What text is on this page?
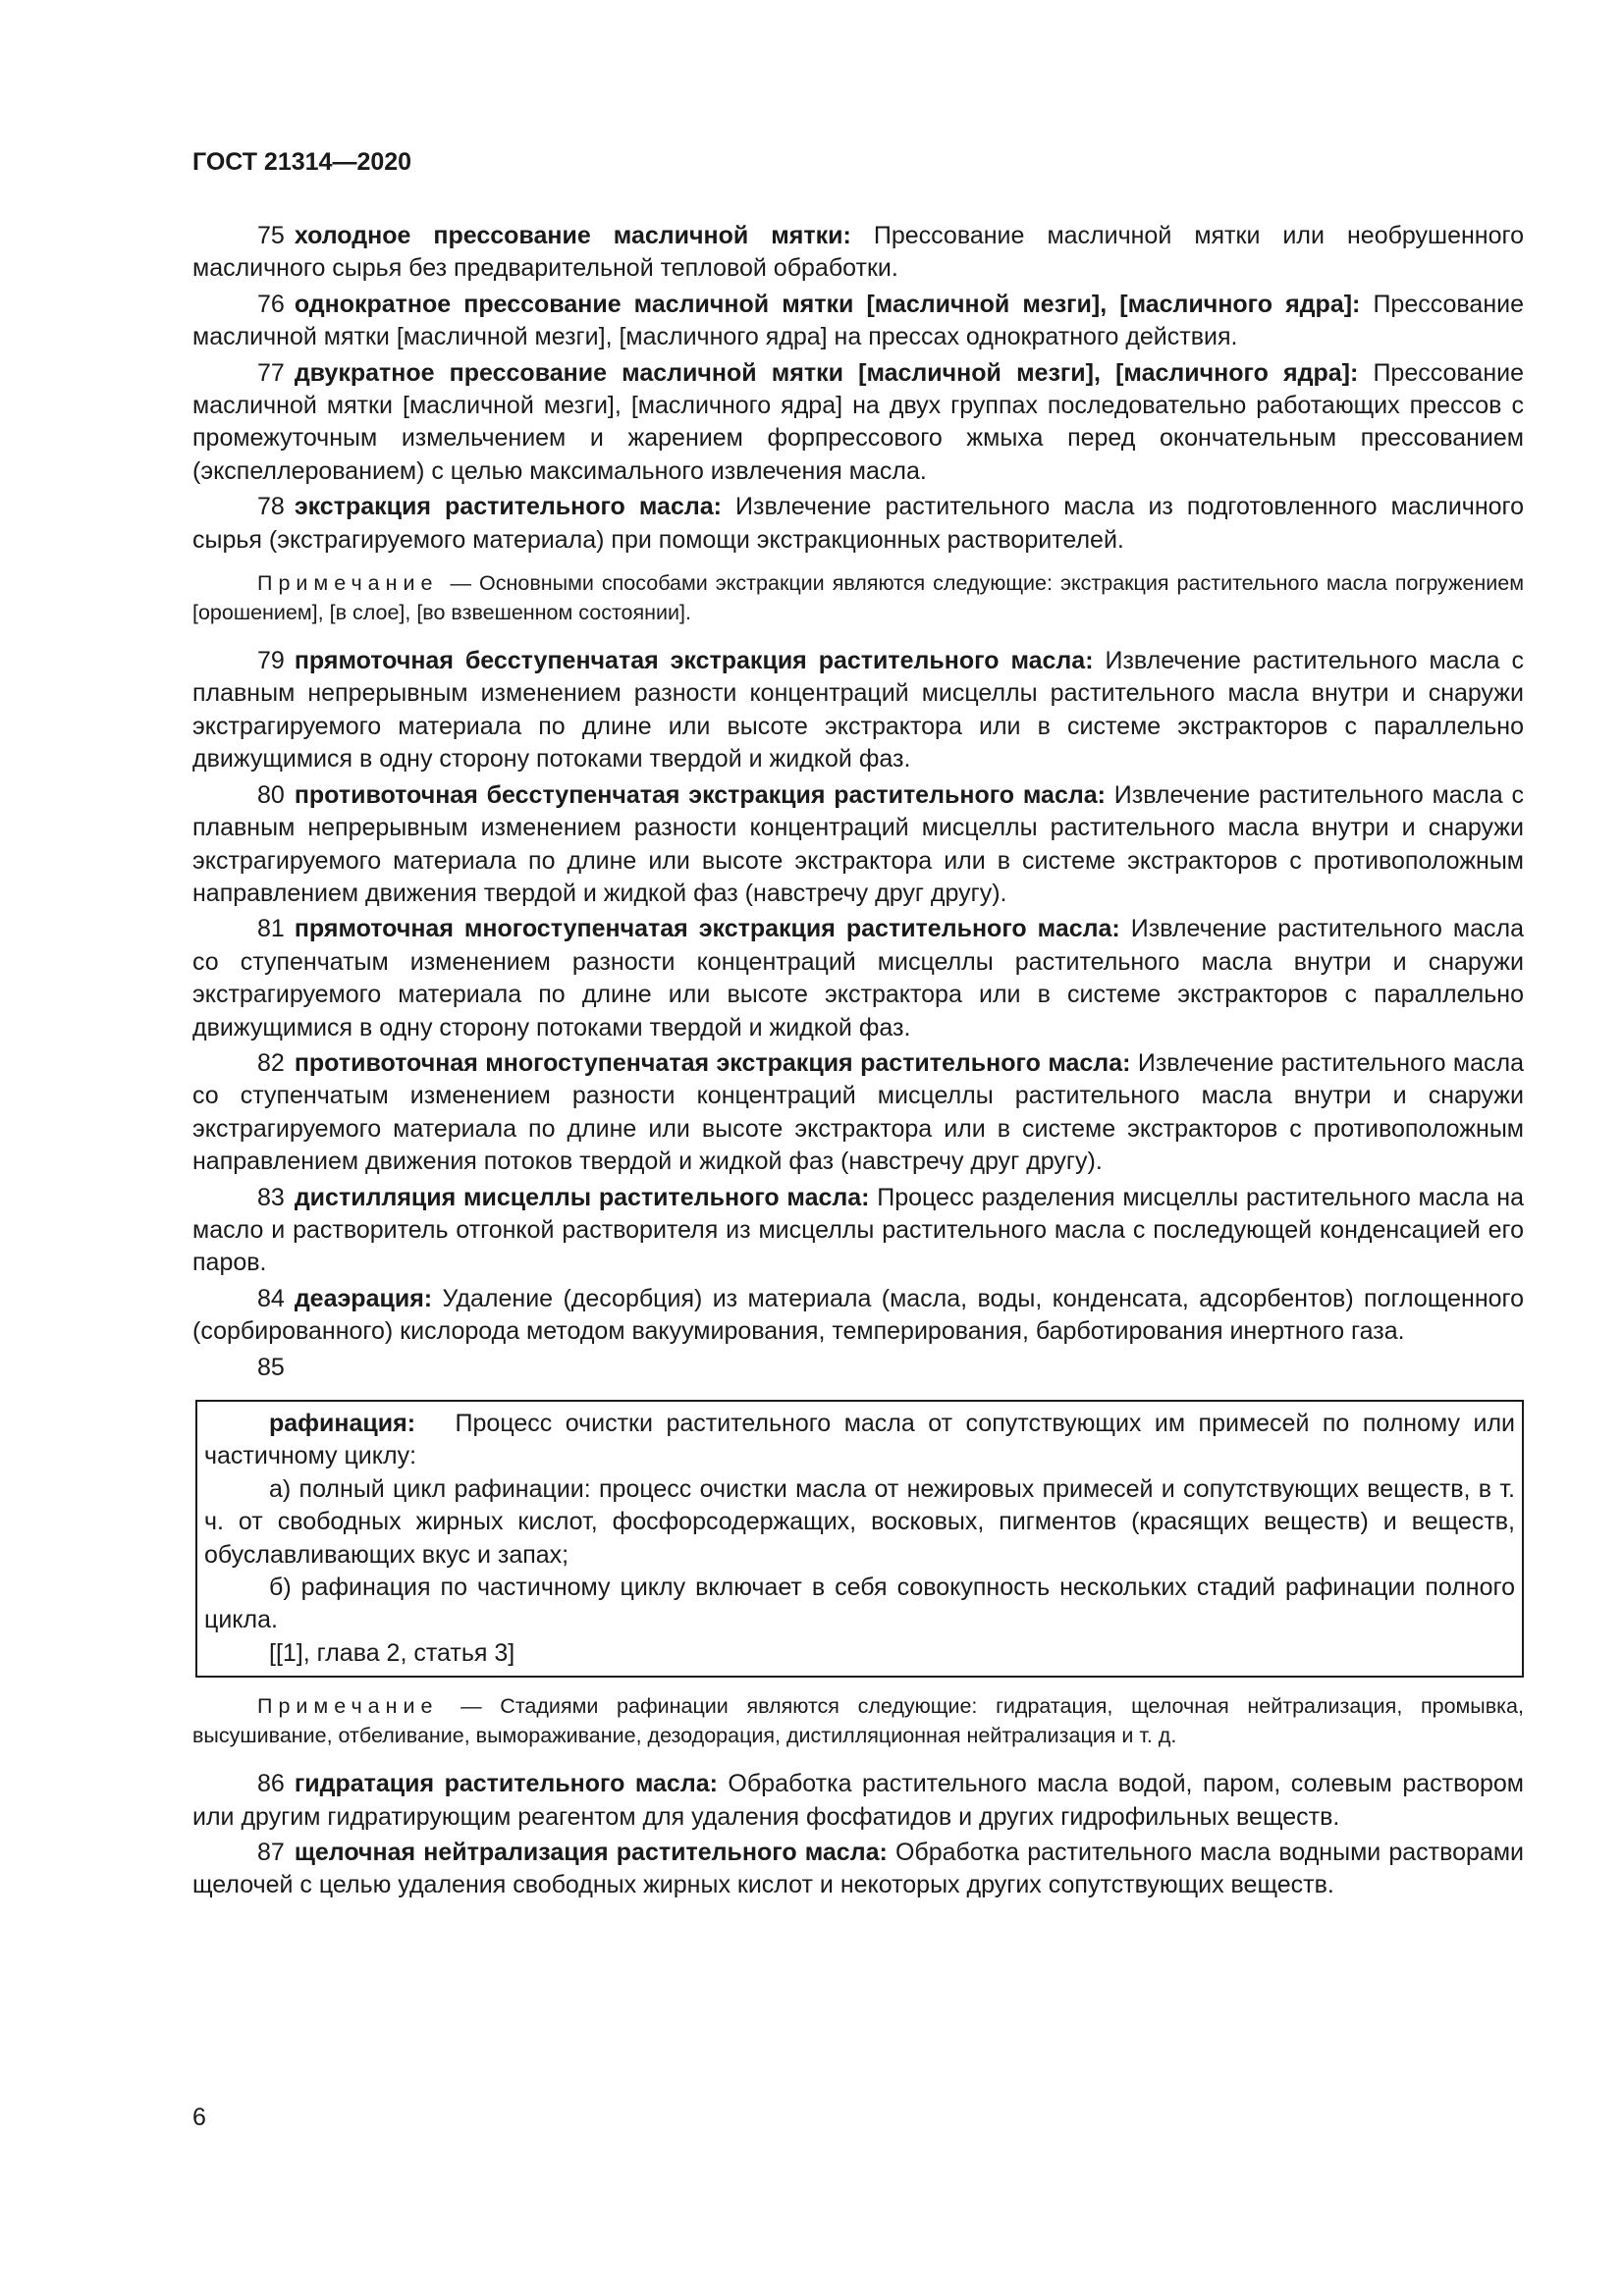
ГОСТ 21314—2020

75 холодное прессование масличной мятки: Прессование масличной мятки или необрушенного масличного сырья без предварительной тепловой обработки.

76 однократное прессование масличной мятки [масличной мезги], [масличного ядра]: Прессование масличной мятки [масличной мезги], [масличного ядра] на прессах однократного действия.

77 двукратное прессование масличной мятки [масличной мезги], [масличного ядра]: Прессование масличной мятки [масличной мезги], [масличного ядра] на двух группах последовательно работающих прессов с промежуточным измельчением и жарением форпрессового жмыха перед окончательным прессованием (экспеллерованием) с целью максимального извлечения масла.

78 экстракция растительного масла: Извлечение растительного масла из подготовленного масличного сырья (экстрагируемого материала) при помощи экстракционных растворителей.

Примечание — Основными способами экстракции являются следующие: экстракция растительного масла погружением [орошением], [в слое], [во взвешенном состоянии].

79 прямоточная бесступенчатая экстракция растительного масла: Извлечение растительного масла с плавным непрерывным изменением разности концентраций мисцеллы растительного масла внутри и снаружи экстрагируемого материала по длине или высоте экстрактора или в системе экстракторов с параллельно движущимися в одну сторону потоками твердой и жидкой фаз.

80 противоточная бесступенчатая экстракция растительного масла: Извлечение растительного масла с плавным непрерывным изменением разности концентраций мисцеллы растительного масла внутри и снаружи экстрагируемого материала по длине или высоте экстрактора или в системе экстракторов с противоположным направлением движения твердой и жидкой фаз (навстречу друг другу).

81 прямоточная многоступенчатая экстракция растительного масла: Извлечение растительного масла со ступенчатым изменением разности концентраций мисцеллы растительного масла внутри и снаружи экстрагируемого материала по длине или высоте экстрактора или в системе экстракторов с параллельно движущимися в одну сторону потоками твердой и жидкой фаз.

82 противоточная многоступенчатая экстракция растительного масла: Извлечение растительного масла со ступенчатым изменением разности концентраций мисцеллы растительного масла внутри и снаружи экстрагируемого материала по длине или высоте экстрактора или в системе экстракторов с противоположным направлением движения потоков твердой и жидкой фаз (навстречу друг другу).

83 дистилляция мисцеллы растительного масла: Процесс разделения мисцеллы растительного масла на масло и растворитель отгонкой растворителя из мисцеллы растительного масла с последующей конденсацией его паров.

84 деаэрация: Удаление (десорбция) из материала (масла, воды, конденсата, адсорбентов) поглощенного (сорбированного) кислорода методом вакуумирования, темперирования, барботирования инертного газа.

85

рафинация: Процесс очистки растительного масла от сопутствующих им примесей по полному или частичному циклу:

а) полный цикл рафинации: процесс очистки масла от нежировых примесей и сопутствующих веществ, в т. ч. от свободных жирных кислот, фосфорсодержащих, восковых, пигментов (красящих веществ) и веществ, обуславливающих вкус и запах;

б) рафинация по частичному циклу включает в себя совокупность нескольких стадий рафинации полного цикла.

[[1], глава 2, статья 3]

Примечание — Стадиями рафинации являются следующие: гидратация, щелочная нейтрализация, промывка, высушивание, отбеливание, вымораживание, дезодорация, дистилляционная нейтрализация и т. д.

86 гидратация растительного масла: Обработка растительного масла водой, паром, солевым раствором или другим гидратирующим реагентом для удаления фосфатидов и других гидрофильных веществ.

87 щелочная нейтрализация растительного масла: Обработка растительного масла водными растворами щелочей с целью удаления свободных жирных кислот и некоторых других сопутствующих веществ.

6
